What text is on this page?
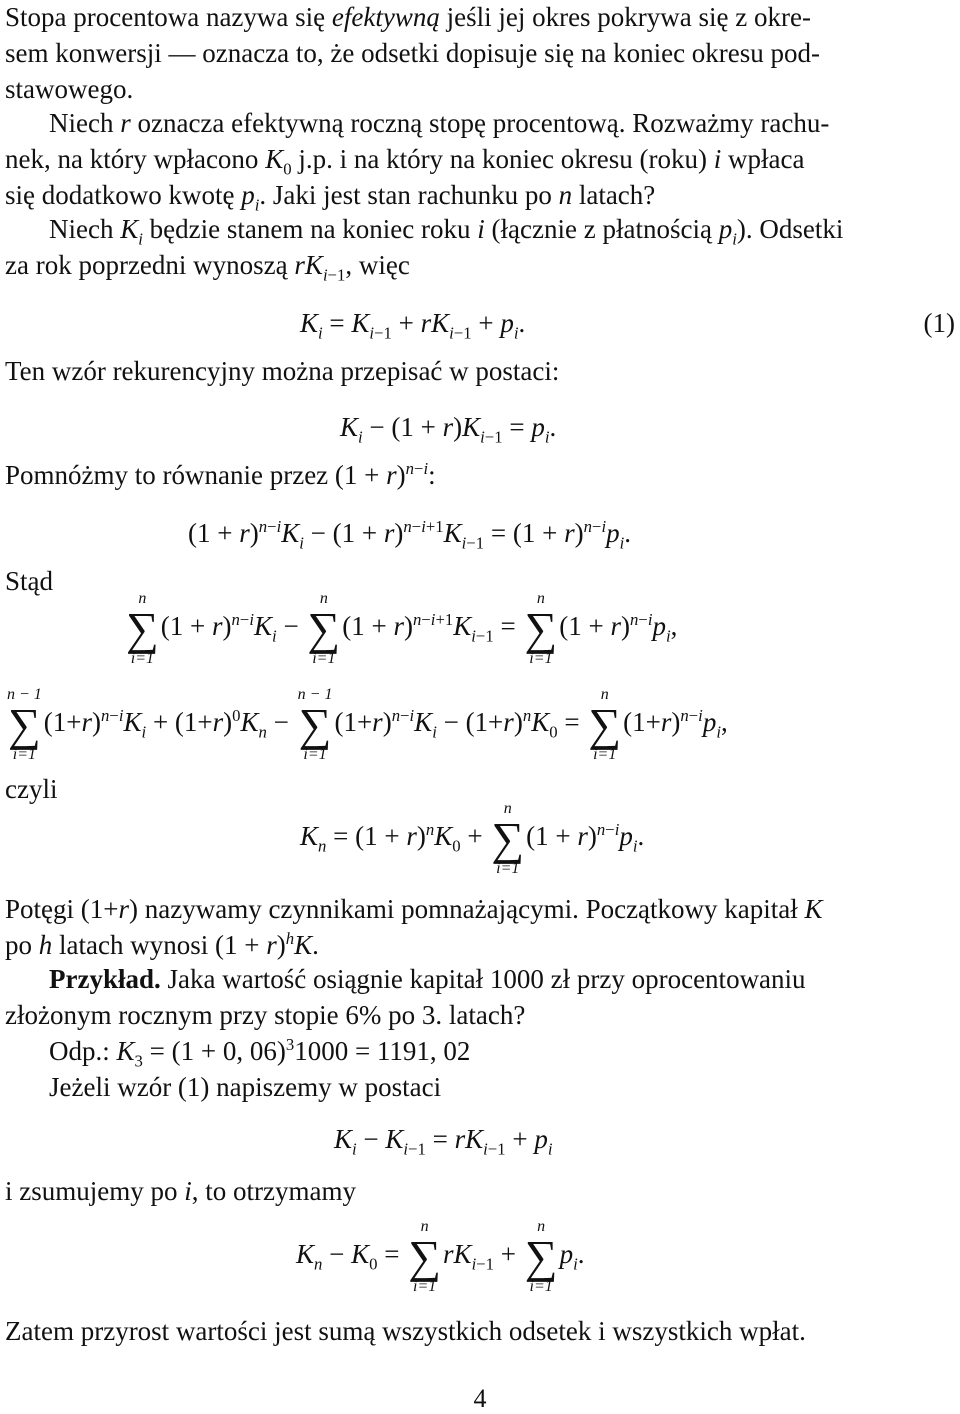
Stopa procentowa nazywa się efektywną jeśli jej okres pokrywa się z okre-
sem konwersji — oznacza to, że odsetki dopisuje się na koniec okresu pod-
stawowego.
Niech r oznacza efektywną roczną stopę procentową. Rozważmy rachu-
nek, na który wpłacono $K_0$ j.p. i na który na koniec okresu (roku) i wpłaca
się dodatkowo kwotę $p_i$. Jaki jest stan rachunku po n latach?
Niech $K_i$ będzie stanem na koniec roku i (łącznie z płatnością $p_i$). Odsetki
za rok poprzedni wynoszą $rK_{i-1}$, więc
$K_i = K_{i-1} + rK_{i-1} + p_i$.	(1)
Ten wzór rekurencyjny można przepisać w postaci:
$K_i - (1 + r)K_{i-1} = p_i$.
Pomnóżmy to równanie przez $(1 + r)^{n-i}$:
$(1 + r)^{n-i}K_i - (1 + r)^{n-i+1}K_{i-1} = (1 + r)^{n-i}p_i$.
Stąd
n
∑
i=1
$(1 + r)^{n-i}K_i$ −
n
∑
i=1
$(1 + r)^{n-i+1}K_{i-1}$ =
n
∑
i=1
$(1 + r)^{n-i}p_i$,
n − 1
∑
i=1
$(1+r)^{n-i}K_i + (1+r)^0K_n$ −
n − 1
∑
i=1
$(1+r)^{n-i}K_i - (1+r)^nK_0$ =
n
∑
i=1
$(1+r)^{n-i}p_i$,
czyli
$K_n = (1 + r)^nK_0$ +
n
∑
i=1
$(1 + r)^{n-i}p_i$.
Potęgi (1+r) nazywamy czynnikami pomnażającymi. Początkowy kapitał K
po h latach wynosi $(1 + r)^hK$.
Przykład. Jaka wartość osiągnie kapitał 1000 zł przy oprocentowaniu
złożonym rocznym przy stopie 6% po 3. latach?
Odp.: $K_3 = (1 + 0$, 06)$^3$1000 = 1191, 02
Jeżeli wzór (1) napiszemy w postaci
$K_i - K_{i-1} = rK_{i-1} + p_i$
i zsumujemy po i, to otrzymamy
$K_n - K_0$ =
n
∑
i=1
$rK_{i-1}$ +
n
∑
i=1
$p_i$.
Zatem przyrost wartości jest sumą wszystkich odsetek i wszystkich wpłat.
4
